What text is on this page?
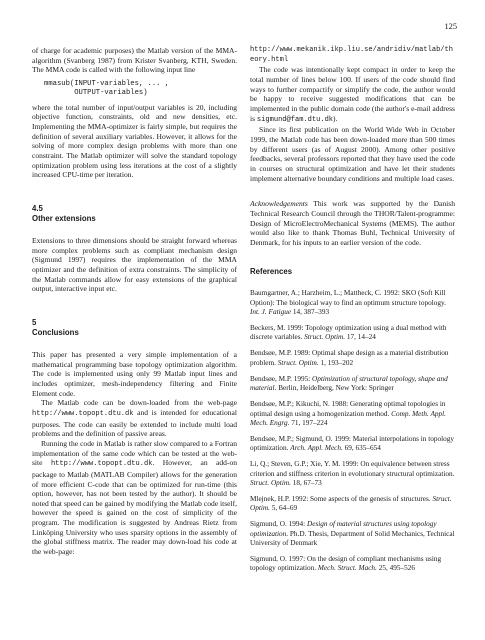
125

of charge for academic purposes) the Matlab version of the MMA-algorithm (Svanberg 1987) from Krister Svanberg, KTH, Sweden. The MMA code is called with the following input line

mmasub(INPUT-variables, ... ,
OUTPUT-variables)

where the total number of input/output variables is 20, including objective function, constraints, old and new densities, etc. Implementing the MMA-optimizer is fairly simple, but requires the definition of several auxiliary variables. However, it allows for the solving of more complex design problems with more than one constraint. The Matlab optimizer will solve the standard topology optimization problem using less iterations at the cost of a slightly increased CPU-time per iteration.

4.5
Other extensions

Extensions to three dimensions should be straight forward whereas more complex problems such as compliant mechanism design (Sigmund 1997) requires the implementation of the MMA optimizer and the definition of extra constraints. The simplicity of the Matlab commands allow for easy extensions of the graphical output, interactive input etc.

5
Conclusions

This paper has presented a very simple implementation of a mathematical programming base topology optimization algorithm. The code is implemented using only 99 Matlab input lines and includes optimizer, mesh-independency filtering and Finite Element code.

The Matlab code can be down-loaded from the web-page http://www.topopt.dtu.dk and is intended for educational purposes. The code can easily be extended to include multi load problems and the definition of passive areas.

Running the code in Matlab is rather slow compared to a Fortran implementation of the same code which can be tested at the web-site http://www.topopt.dtu.dk. However, an add-on package to Matlab (MATLAB Compiler) allows for the generation of more efficient C-code that can be optimized for run-time (this option, however, has not been tested by the author). It should be noted that speed can be gained by modifying the Matlab code itself, however the speed is gained on the cost of simplicity of the program. The modification is suggested by Andreas Rietz from Linköping University who uses sparsity options in the assembly of the global stiffness matrix. The reader may down-load his code at the web-page:

http://www.mekanik.ikp.liu.se/andridiv/matlab/theory.html

The code was intentionally kept compact in order to keep the total number of lines below 100. If users of the code should find ways to further compactify or simplify the code, the author would be happy to receive suggested modifications that can be implemented in the public domain code (the author's e-mail address is sigmund@fam.dtu.dk).

Since its first publication on the World Wide Web in October 1999, the Matlab code has been down-loaded more than 500 times by different users (as of August 2000). Among other positive feedbacks, several professors reported that they have used the code in courses on structural optimization and have let their students implement alternative boundary conditions and multiple load cases.

Acknowledgements This work was supported by the Danish Technical Research Council through the THOR/Talent-programme: Design of MicroElectroMechanical Systems (MEMS). The author would also like to thank Thomas Buhl, Technical University of Denmark, for his inputs to an earlier version of the code.

References

Baumgartner, A.; Harzheim, L.; Mattheck, C. 1992: SKO (Soft Kill Option): The biological way to find an optimum structure topology. Int. J. Fatigue 14, 387–393

Beckers, M. 1999: Topology optimization using a dual method with discrete variables. Struct. Optim. 17, 14–24

Bendsøe, M.P. 1989: Optimal shape design as a material distribution problem. Struct. Optim. 1, 193–202

Bendsøe, M.P. 1995: Optimization of structural topology, shape and material. Berlin, Heidelberg, New York: Springer

Bendsøe, M.P.; Kikuchi, N. 1988: Generating optimal topologies in optimal design using a homogenization method. Comp. Meth. Appl. Mech. Engrg. 71, 197–224

Bendsøe, M.P.; Sigmund, O. 1999: Material interpolations in topology optimization. Arch. Appl. Mech. 69, 635–654

Li, Q.; Steven, G.P.; Xie, Y. M. 1999: On equivalence between stress criterion and stiffness criterion in evolutionary structural optimization. Struct. Optim. 18, 67–73

Mlejnek, H.P. 1992: Some aspects of the genesis of structures. Struct. Optim. 5, 64–69

Sigmund, O. 1994: Design of material structures using topology optimization. Ph.D. Thesis, Department of Solid Mechanics, Technical University of Denmark

Sigmund, O. 1997: On the design of compliant mechanisms using topology optimization. Mech. Struct. Mach. 25, 495–526
